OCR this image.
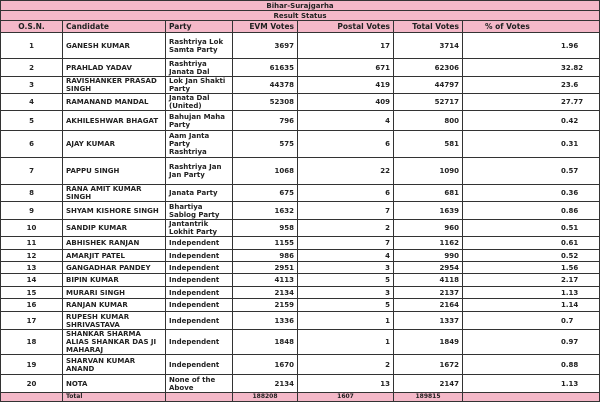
Bihar-Surajgarha						
Result Status						
O.S.N.	Candidate	Party	EVM Votes	Postal Votes	Total Votes	% of Votes
1	GANESH KUMAR	Rashtriya Lok Samta Party	3697	17	3714	1.96
2	PRAHLAD YADAV	Rashtriya Janata Dal	61635	671	62306	32.82
3	RAVISHANKER PRASAD SINGH	Lok Jan Shakti Party	44378	419	44797	23.6
4	RAMANAND MANDAL	Janata Dal (United)	52308	409	52717	27.77
5	AKHILESHWAR BHAGAT	Bahujan Maha Party	796	4	800	0.42
6	AJAY KUMAR	Aam Janta Party Rashtriya	575	6	581	0.31
7	PAPPU SINGH	Rashtriya Jan Jan Party	1068	22	1090	0.57
8	RANA AMIT KUMAR SINGH	Janata Party	675	6	681	0.36
9	SHYAM KISHORE SINGH	Bhartiya Sablog Party	1632	7	1639	0.86
10	SANDIP KUMAR	Jantantrik Lokhit Party	958	2	960	0.51
11	ABHISHEK RANJAN	Independent	1155	7	1162	0.61
12	AMARJIT PATEL	Independent	986	4	990	0.52
13	GANGADHAR PANDEY	Independent	2951	3	2954	1.56
14	BIPIN KUMAR	Independent	4113	5	4118	2.17
15	MURARI SINGH	Independent	2134	3	2137	1.13
16	RANJAN KUMAR	Independent	2159	5	2164	1.14
17	RUPESH KUMAR SHRIVASTAVA	Independent	1336	1	1337	0.7
18	SHANKAR SHARMA ALIAS SHANKAR DAS JI MAHARAJ	Independent	1848	1	1849	0.97
19	SHARVAN KUMAR ANAND	Independent	1670	2	1672	0.88
20	NOTA	None of the Above	2134	13	2147	1.13
	Total		188208	1607	189815	
